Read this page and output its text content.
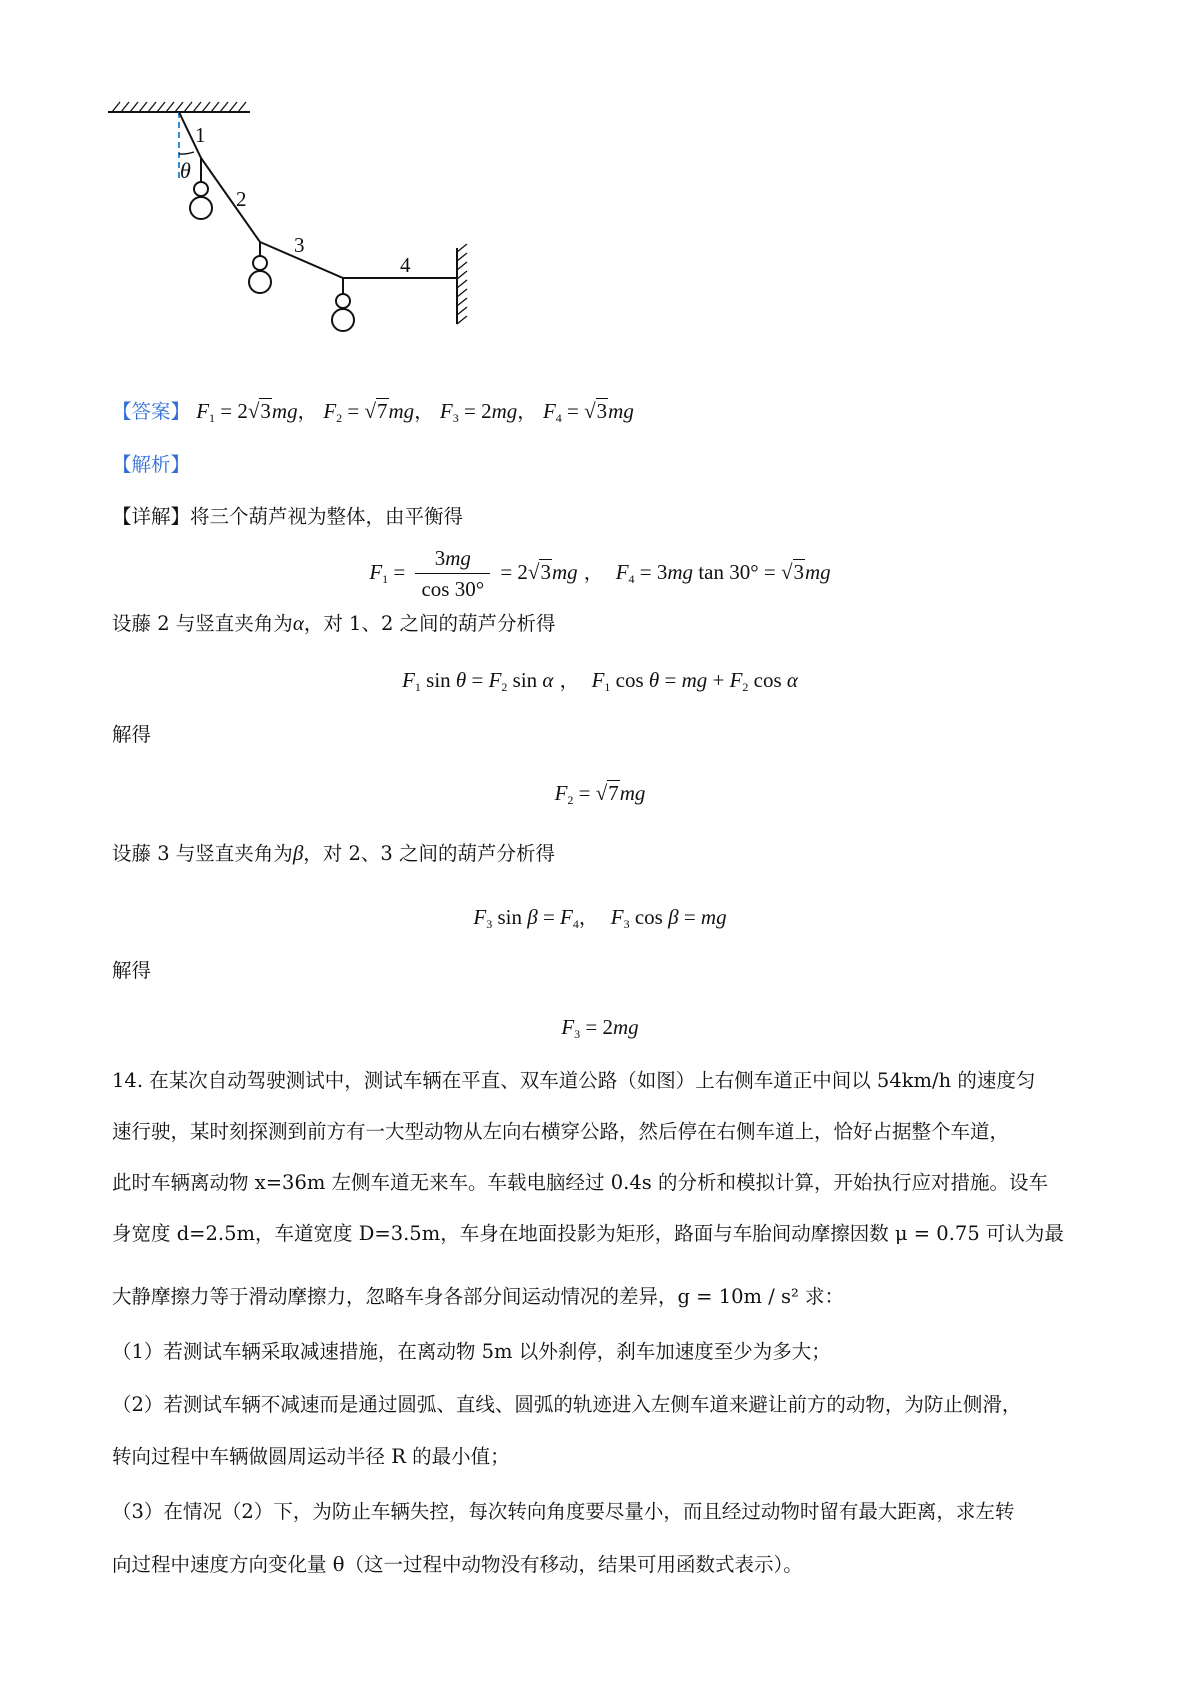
1
2
3
4
θ
【答案】 $F_1 = 2√3mg$， $F_2 = √7mg$， $F_3 = 2mg$， $F_4 = √3mg$
【解析】
【详解】将三个葫芦视为整体，由平衡得
$F_1 = \frac{3mg}{\cos 30^\circ} = 2√3mg$ ，  $F_4 = 3mg$ tan 30° = √3mg
设藤 2 与竖直夹角为α，对 1、2 之间的葫芦分析得
$F_1$ $\sin \theta = F_2$ sin α ，  $F_1$ cos θ = mg + $F_2$ cos α
解得
$F_2 = √7mg$
设藤 3 与竖直夹角为β，对 2、3 之间的葫芦分析得
$F_3$ $\sin \beta = F_4$，  $F_3$ cos β = mg
解得
$F_3 = 2mg$
14. 在某次自动驾驶测试中，测试车辆在平直、双车道公路（如图）上右侧车道正中间以 54km/h 的速度匀
速行驶，某时刻探测到前方有一大型动物从左向右横穿公路，然后停在右侧车道上，恰好占据整个车道，
此时车辆离动物 x=36m 左侧车道无来车。车载电脑经过 0.4s 的分析和模拟计算，开始执行应对措施。设车
身宽度 d=2.5m，车道宽度 D=3.5m，车身在地面投影为矩形，路面与车胎间动摩擦因数 μ = 0.75 可认为最
大静摩擦力等于滑动摩擦力，忽略车身各部分间运动情况的差异，g = 10m / s² 求：
（1）若测试车辆采取减速措施，在离动物 5m 以外刹停，刹车加速度至少为多大；
（2）若测试车辆不减速而是通过圆弧、直线、圆弧的轨迹进入左侧车道来避让前方的动物，为防止侧滑，
转向过程中车辆做圆周运动半径 R 的最小值；
（3）在情况（2）下，为防止车辆失控，每次转向角度要尽量小，而且经过动物时留有最大距离，求左转
向过程中速度方向变化量 θ（这一过程中动物没有移动，结果可用函数式表示）。
